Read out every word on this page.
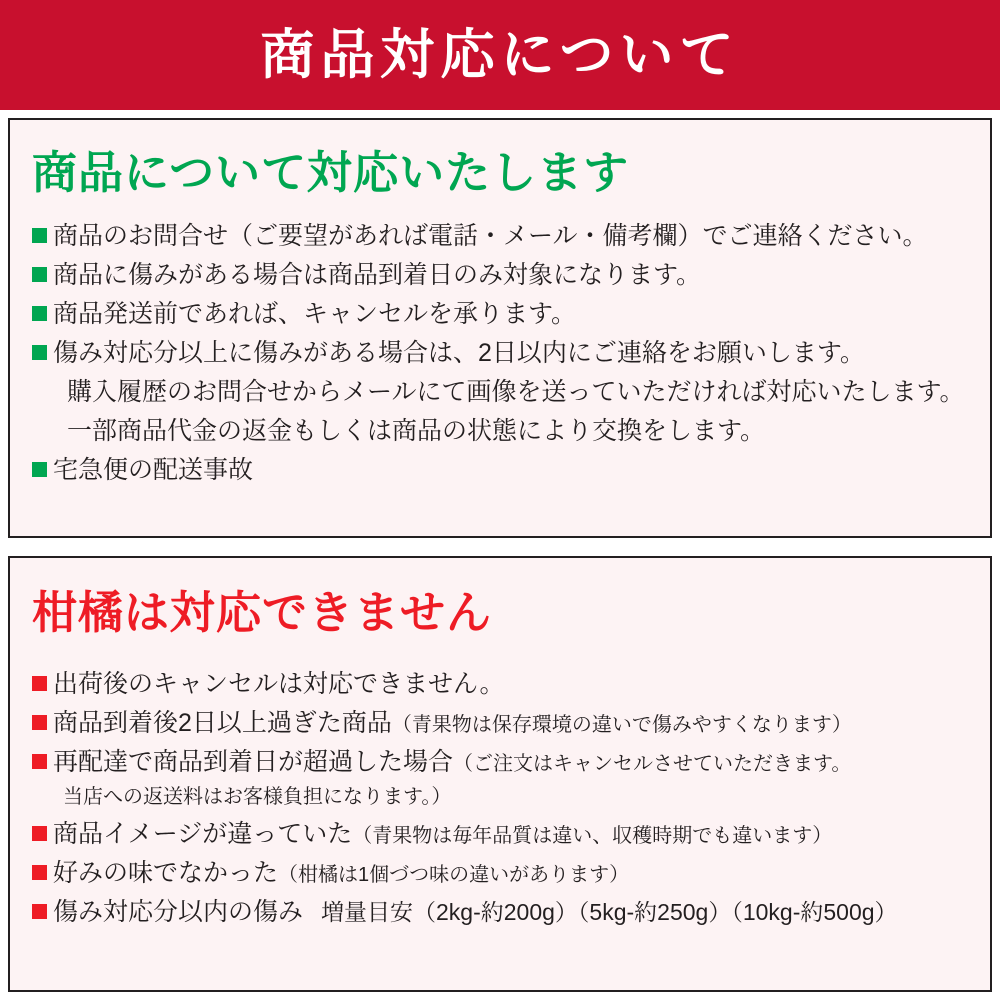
商品対応について
商品について対応いたします
商品のお問合せ（ご要望があれば電話・メール・備考欄）でご連絡ください。
商品に傷みがある場合は商品到着日のみ対象になります。
商品発送前であれば、キャンセルを承ります。
傷み対応分以上に傷みがある場合は、2日以内にご連絡をお願いします。
購入履歴のお問合せからメールにて画像を送っていただければ対応いたします。
一部商品代金の返金もしくは商品の状態により交換をします。
宅急便の配送事故
柑橘は対応できません
出荷後のキャンセルは対応できません。
商品到着後2日以上過ぎた商品（青果物は保存環境の違いで傷みやすくなります）
再配達で商品到着日が超過した場合（ご注文はキャンセルさせていただきます。
当店への返送料はお客様負担になります。）
商品イメージが違っていた（青果物は毎年品質は違い、収穫時期でも違います）
好みの味でなかった（柑橘は1個づつ味の違いがあります）
傷み対応分以内の傷み 増量目安（2kg-約200g）（5kg-約250g）（10kg-約500g）
